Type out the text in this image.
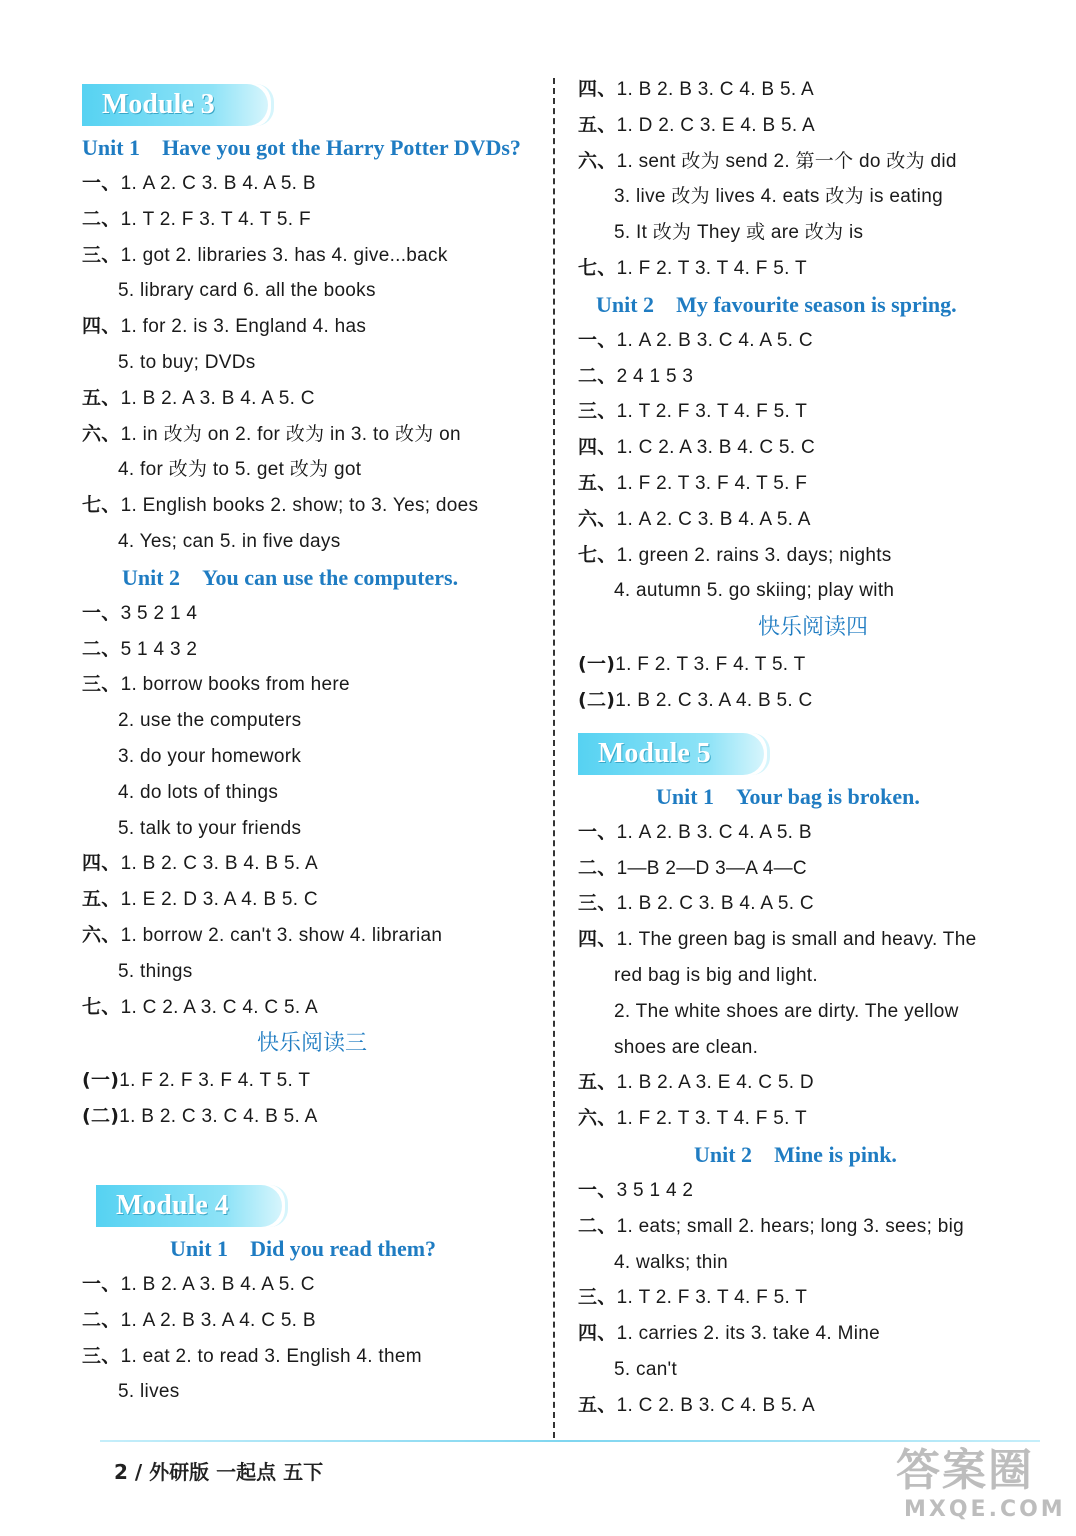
Module 3
Unit 1 Have you got the Harry Potter DVDs?
一、1. A 2. C 3. B 4. A 5. B
二、1. T 2. F 3. T 4. T 5. F
三、1. got 2. libraries 3. has 4. give...back
5. library card 6. all the books
四、1. for 2. is 3. England 4. has
5. to buy; DVDs
五、1. B 2. A 3. B 4. A 5. C
六、1. in 改为 on 2. for 改为 in 3. to 改为 on
4. for 改为 to 5. get 改为 got
七、1. English books 2. show; to 3. Yes; does
4. Yes; can 5. in five days
Unit 2 You can use the computers.
一、3 5 2 1 4
二、5 1 4 3 2
三、1. borrow books from here
2. use the computers
3. do your homework
4. do lots of things
5. talk to your friends
四、1. B 2. C 3. B 4. B 5. A
五、1. E 2. D 3. A 4. B 5. C
六、1. borrow 2. can't 3. show 4. librarian
5. things
七、1. C 2. A 3. C 4. C 5. A
快乐阅读三
(一)1. F 2. F 3. F 4. T 5. T
(二)1. B 2. C 3. C 4. B 5. A
Module 4
Unit 1 Did you read them?
一、1. B 2. A 3. B 4. A 5. C
二、1. A 2. B 3. A 4. C 5. B
三、1. eat 2. to read 3. English 4. them
5. lives
四、1. B 2. B 3. C 4. B 5. A
五、1. D 2. C 3. E 4. B 5. A
六、1. sent 改为 send 2. 第一个 do 改为 did
3. live 改为 lives 4. eats 改为 is eating
5. It 改为 They 或 are 改为 is
七、1. F 2. T 3. T 4. F 5. T
Unit 2 My favourite season is spring.
一、1. A 2. B 3. C 4. A 5. C
二、2 4 1 5 3
三、1. T 2. F 3. T 4. F 5. T
四、1. C 2. A 3. B 4. C 5. C
五、1. F 2. T 3. F 4. T 5. F
六、1. A 2. C 3. B 4. A 5. A
七、1. green 2. rains 3. days; nights
4. autumn 5. go skiing; play with
快乐阅读四
(一)1. F 2. T 3. F 4. T 5. T
(二)1. B 2. C 3. A 4. B 5. C
Module 5
Unit 1 Your bag is broken.
一、1. A 2. B 3. C 4. A 5. B
二、1—B 2—D 3—A 4—C
三、1. B 2. C 3. B 4. A 5. C
四、1. The green bag is small and heavy. The
red bag is big and light.
2. The white shoes are dirty. The yellow
shoes are clean.
五、1. B 2. A 3. E 4. C 5. D
六、1. F 2. T 3. T 4. F 5. T
Unit 2 Mine is pink.
一、3 5 1 4 2
二、1. eats; small 2. hears; long 3. sees; big
4. walks; thin
三、1. T 2. F 3. T 4. F 5. T
四、1. carries 2. its 3. take 4. Mine
5. can't
五、1. C 2. B 3. C 4. B 5. A
2 / 外研版 一起点 五下	答案圈
MXQE.COM
